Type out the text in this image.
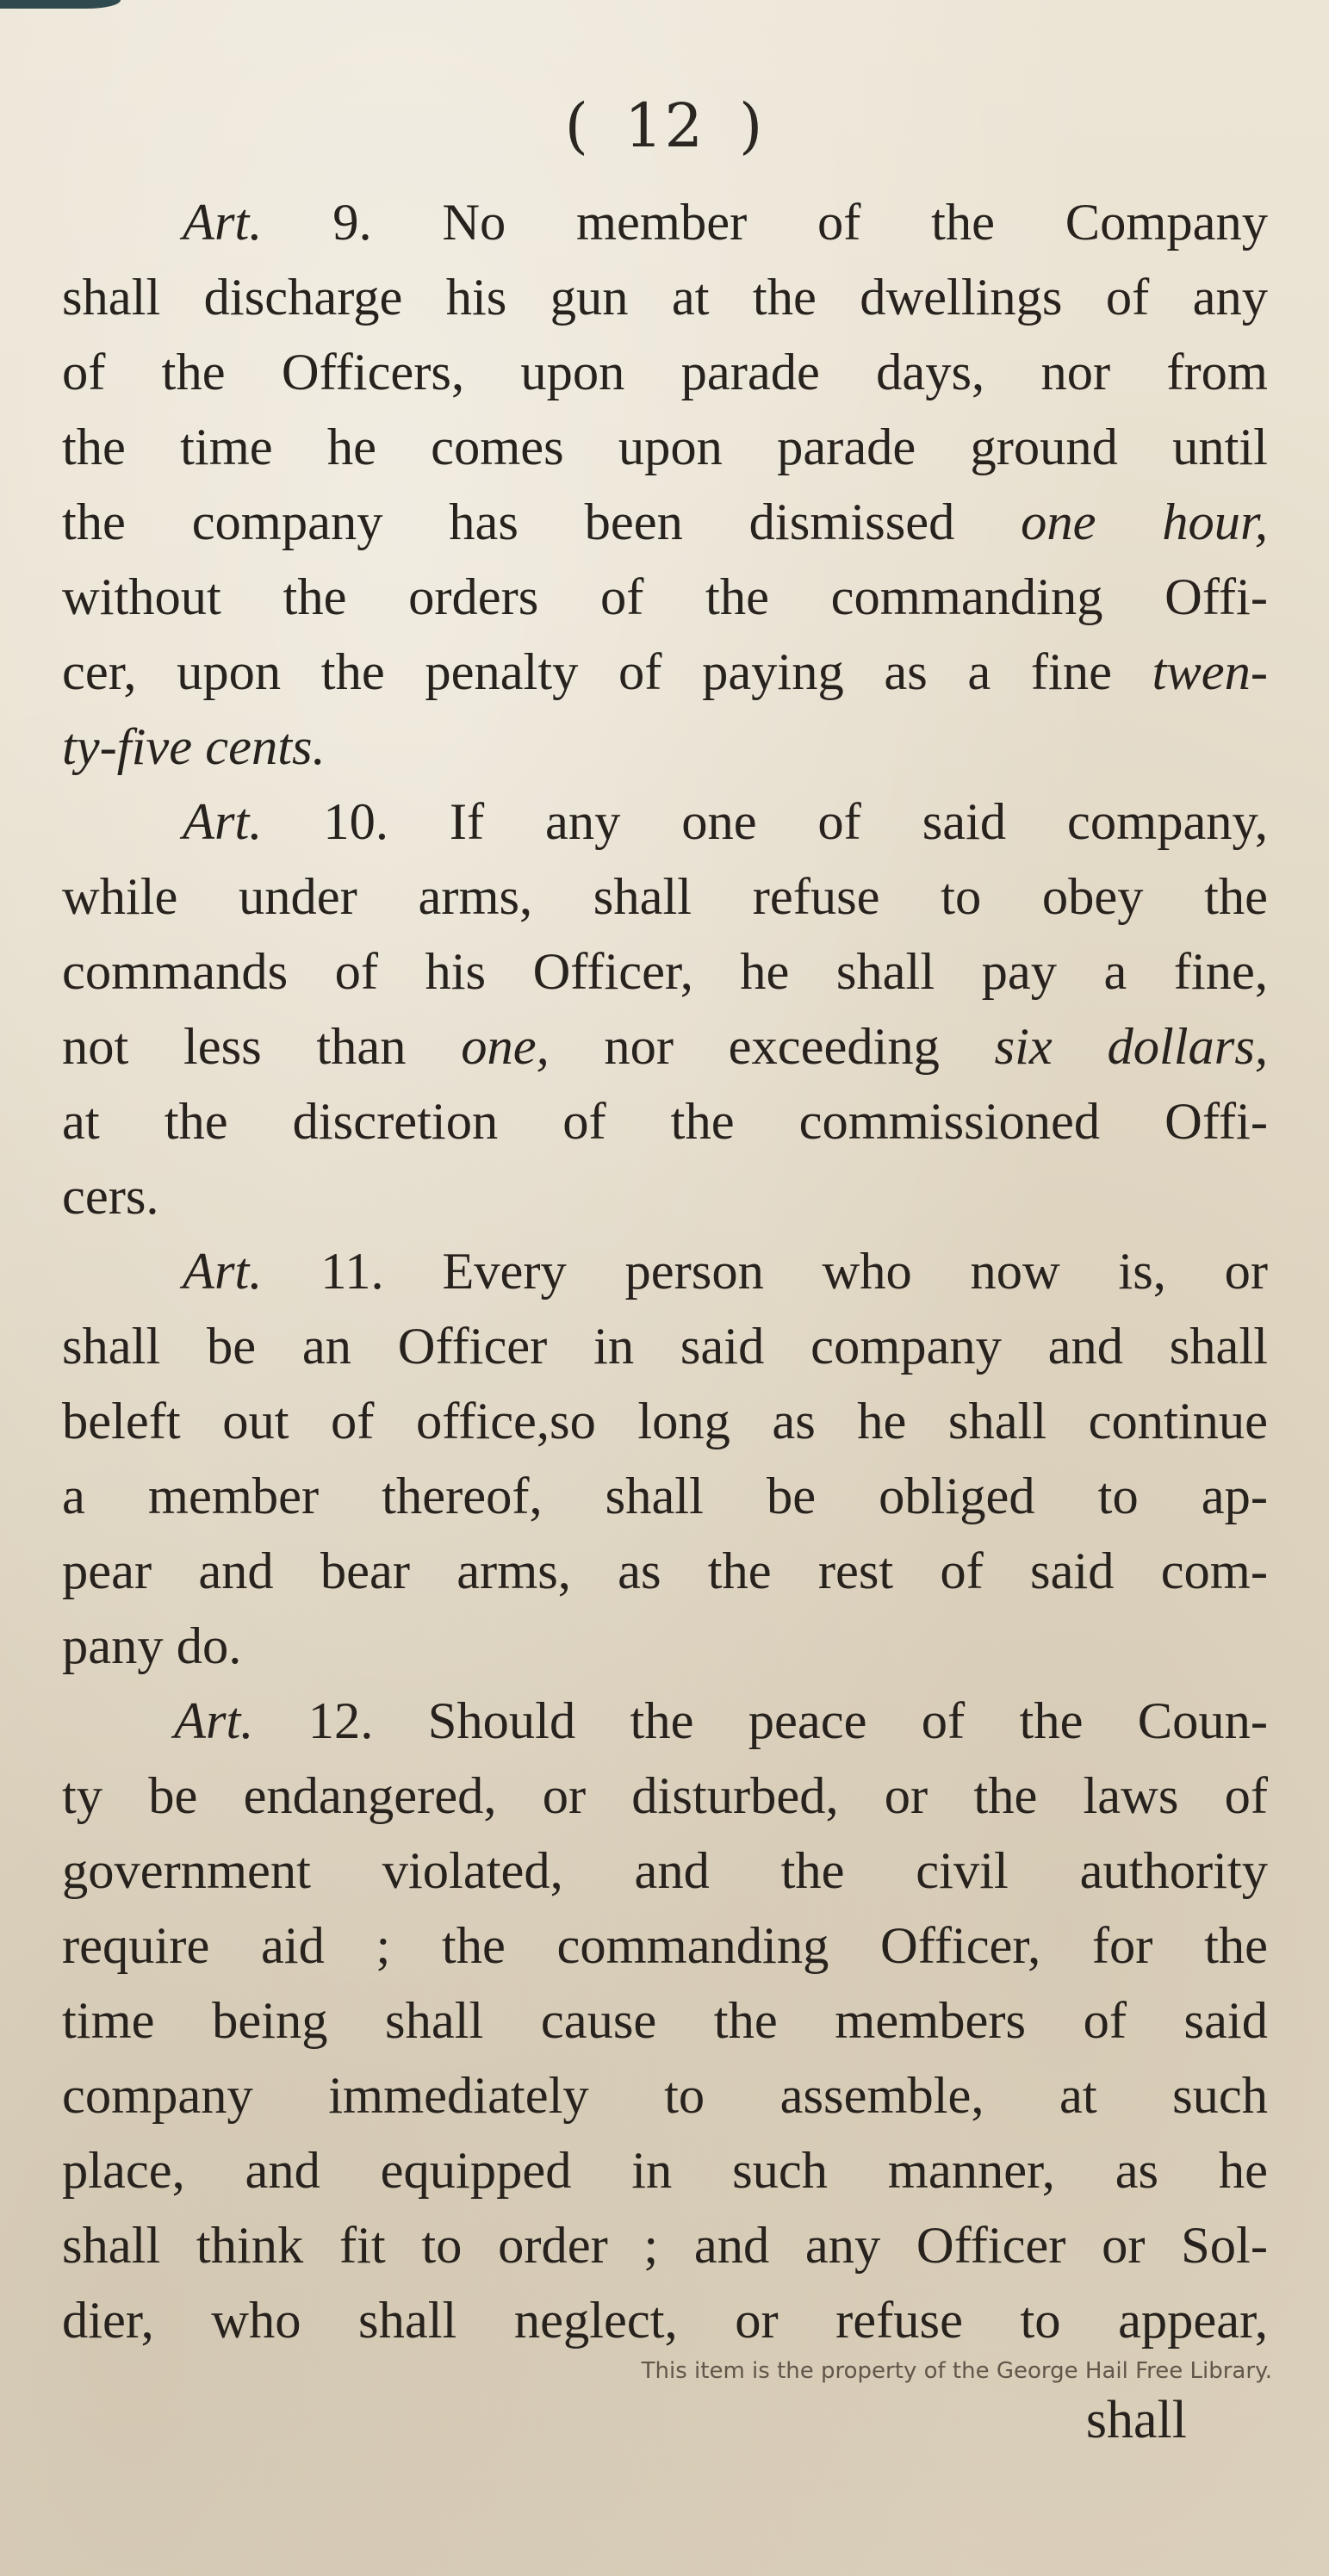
( 12 )
Art. 9. No member of the Company
shall discharge his gun at the dwellings of any
of the Officers, upon parade days, nor from
the time he comes upon parade ground until
the company has been dismissed one hour,
without the orders of the commanding Offi-
cer, upon the penalty of paying as a fine twen-
ty-five cents.
Art. 10. If any one of said company,
while under arms, shall refuse to obey the
commands of his Officer, he shall pay a fine,
not less than one, nor exceeding six dollars,
at the discretion of the commissioned Offi-
cers.
Art. 11. Every person who now is, or
shall be an Officer in said company and shall
beleft out of office,so long as he shall continue
a member thereof, shall be obliged to ap-
pear and bear arms, as the rest of said com-
pany do.
Art. 12. Should the peace of the Coun-
ty be endangered, or disturbed, or the laws of
government violated, and the civil authority
require aid ; the commanding Officer, for the
time being shall cause the members of said
company immediately to assemble, at such
place, and equipped in such manner, as he
shall think fit to order ; and any Officer or Sol-
dier, who shall neglect, or refuse to appear,
This item is the property of the George Hail Free Library.
shall
